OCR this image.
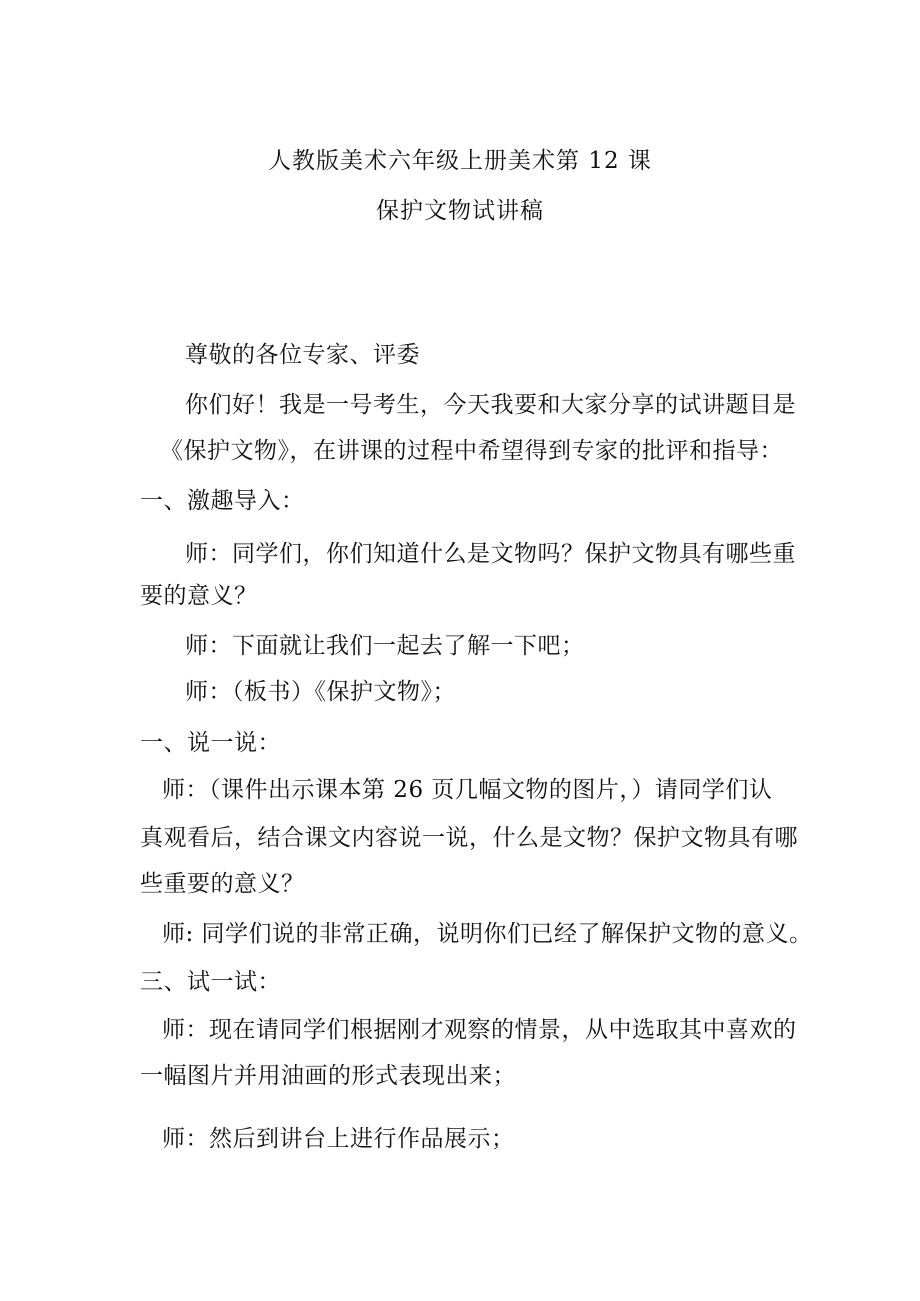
人教版美术六年级上册美术第 12 课
保护文物试讲稿
尊敬的各位专家、评委
你们好！我是一号考生，今天我要和大家分享的试讲题目是
《保护文物》，在讲课的过程中希望得到专家的批评和指导：
一、激趣导入：
师：同学们，你们知道什么是文物吗？保护文物具有哪些重
要的意义？
师：下面就让我们一起去了解一下吧；
师：（板书）《保护文物》；
一、说一说：
师：（课件出示课本第 26 页几幅文物的图片，）请同学们认
真观看后，结合课文内容说一说，什么是文物？保护文物具有哪
些重要的意义？
师: 同学们说的非常正确，说明你们已经了解保护文物的意义。
三、试一试：
师：现在请同学们根据刚才观察的情景，从中选取其中喜欢的
一幅图片并用油画的形式表现出来；
师：然后到讲台上进行作品展示；
